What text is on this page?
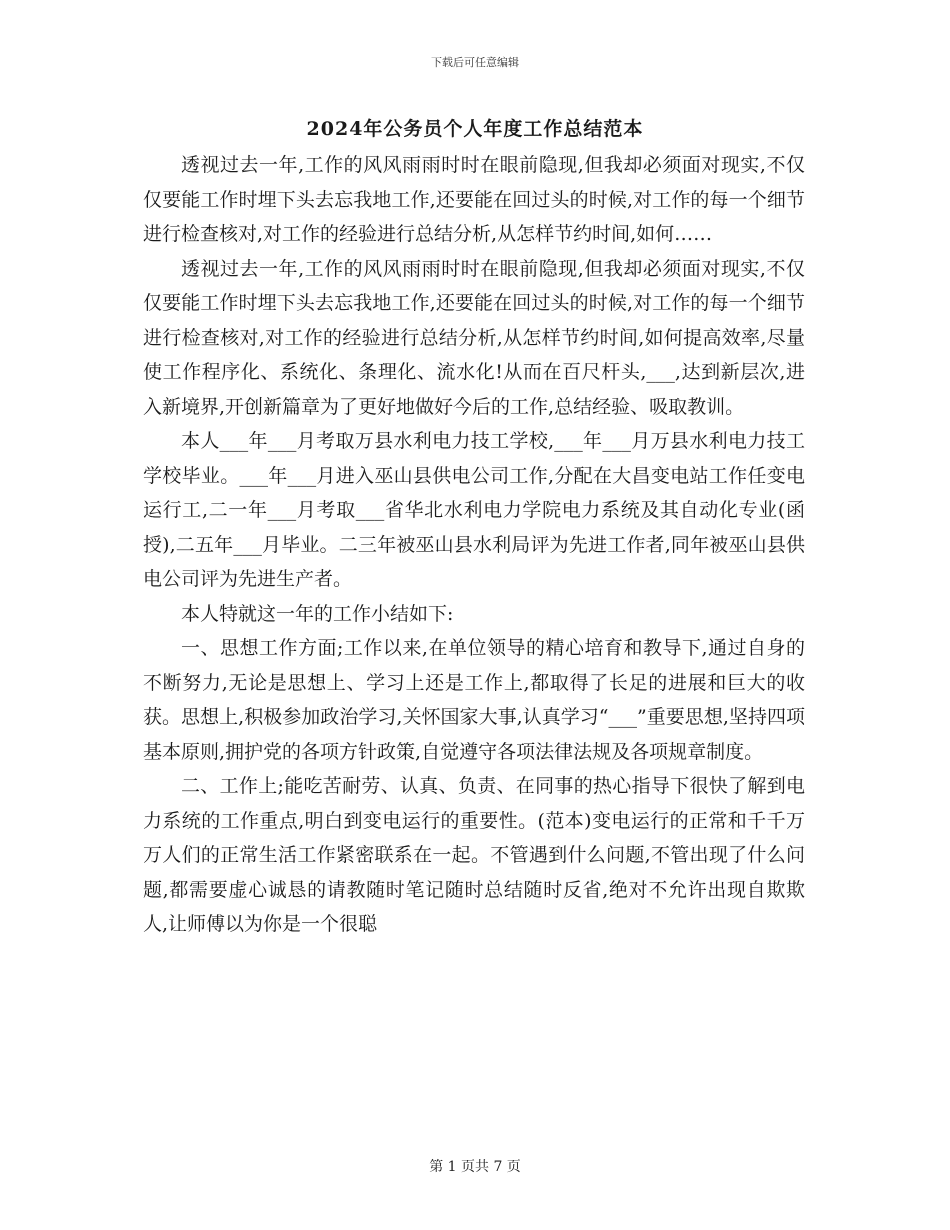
下载后可任意编辑
2024年公务员个人年度工作总结范本

透视过去一年,工作的风风雨雨时时在眼前隐现,但我却必须面对现实,不仅仅要能工作时埋下头去忘我地工作,还要能在回过头的时候,对工作的每一个细节进行检查核对,对工作的经验进行总结分析,从怎样节约时间,如何……

透视过去一年,工作的风风雨雨时时在眼前隐现,但我却必须面对现实,不仅仅要能工作时埋下头去忘我地工作,还要能在回过头的时候,对工作的每一个细节进行检查核对,对工作的经验进行总结分析,从怎样节约时间,如何提高效率,尽量使工作程序化、系统化、条理化、流水化!从而在百尺杆头,___,达到新层次,进入新境界,开创新篇章为了更好地做好今后的工作,总结经验、吸取教训。

本人___年___月考取万县水利电力技工学校,___年___月万县水利电力技工学校毕业。___年___月进入巫山县供电公司工作,分配在大昌变电站工作任变电运行工,二一年___月考取___省华北水利电力学院电力系统及其自动化专业(函授),二五年___月毕业。二三年被巫山县水利局评为先进工作者,同年被巫山县供电公司评为先进生产者。

本人特就这一年的工作小结如下:

一、思想工作方面;工作以来,在单位领导的精心培育和教导下,通过自身的不断努力,无论是思想上、学习上还是工作上,都取得了长足的进展和巨大的收获。思想上,积极参加政治学习,关怀国家大事,认真学习“___”重要思想,坚持四项基本原则,拥护党的各项方针政策,自觉遵守各项法律法规及各项规章制度。

二、工作上;能吃苦耐劳、认真、负责、在同事的热心指导下很快了解到电力系统的工作重点,明白到变电运行的重要性。(范本)变电运行的正常和千千万万人们的正常生活工作紧密联系在一起。不管遇到什么问题,不管出现了什么问题,都需要虚心诚恳的请教随时笔记随时总结随时反省,绝对不允许出现自欺欺人,让师傅以为你是一个很聪

第 1 页共 7 页
